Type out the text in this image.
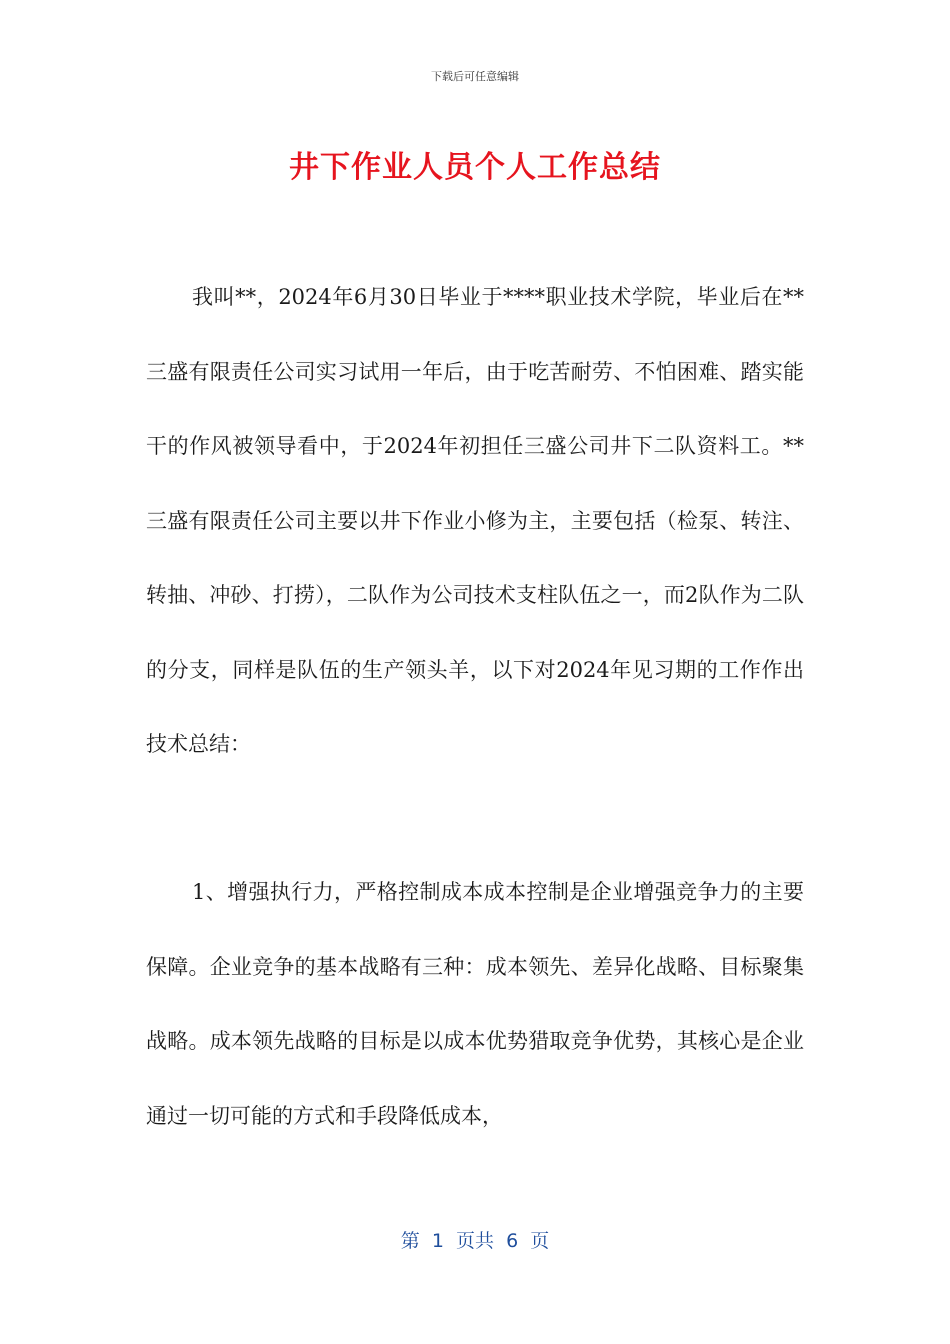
下载后可任意编辑
井下作业人员个人工作总结

我叫**，2024年6月30日毕业于****职业技术学院，毕业后在**三盛有限责任公司实习试用一年后，由于吃苦耐劳、不怕困难、踏实能干的作风被领导看中，于2024年初担任三盛公司井下二队资料工。**三盛有限责任公司主要以井下作业小修为主，主要包括（检泵、转注、转抽、冲砂、打捞），二队作为公司技术支柱队伍之一，而2队作为二队的分支，同样是队伍的生产领头羊，以下对2024年见习期的工作作出技术总结：

1、增强执行力，严格控制成本成本控制是企业增强竞争力的主要保障。企业竞争的基本战略有三种：成本领先、差异化战略、目标聚集战略。成本领先战略的目标是以成本优势猎取竞争优势，其核心是企业通过一切可能的方式和手段降低成本，

第  1  页共  6  页
